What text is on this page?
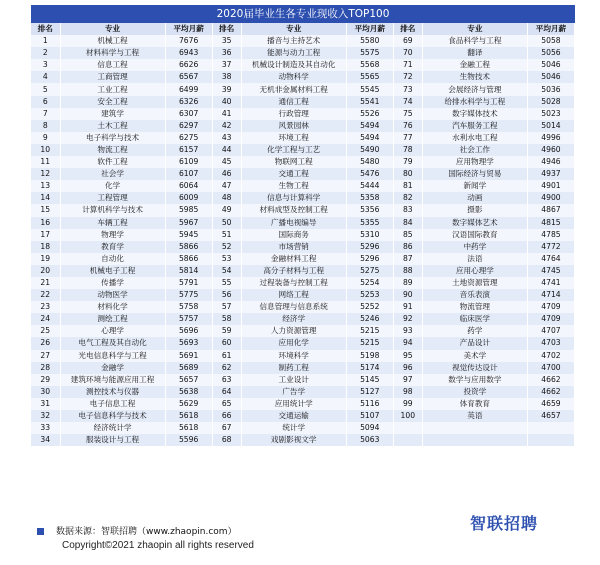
2020届毕业生各专业现收入TOP100
排名	专业	平均月薪	排名	专业	平均月薪	排名	专业	平均月薪
1	机械工程	7676	35	播音与主持艺术	5580	69	食品科学与工程	5058
2	材料科学与工程	6943	36	能源与动力工程	5575	70	翻译	5056
3	信息工程	6626	37	机械设计制造及其自动化	5568	71	金融工程	5046
4	工商管理	6567	38	动物科学	5565	72	生物技术	5046
5	工业工程	6499	39	无机非金属材料工程	5545	73	会展经济与管理	5036
6	安全工程	6326	40	通信工程	5541	74	给排水科学与工程	5028
7	建筑学	6307	41	行政管理	5526	75	数字媒体技术	5023
8	土木工程	6297	42	风景园林	5494	76	汽车服务工程	5014
9	电子科学与技术	6275	43	环境工程	5494	77	水利水电工程	4996
10	物流工程	6157	44	化学工程与工艺	5490	78	社会工作	4960
11	软件工程	6109	45	物联网工程	5480	79	应用物理学	4946
12	社会学	6107	46	交通工程	5476	80	国际经济与贸易	4937
13	化学	6064	47	生物工程	5444	81	新闻学	4901
14	工程管理	6009	48	信息与计算科学	5358	82	动画	4900
15	计算机科学与技术	5985	49	材料成型及控制工程	5356	83	摄影	4867
16	车辆工程	5967	50	广播电视编导	5355	84	数字媒体艺术	4815
17	物理学	5945	51	国际商务	5310	85	汉语国际教育	4785
18	教育学	5866	52	市场营销	5296	86	中药学	4772
19	自动化	5866	53	金融材料工程	5296	87	法语	4764
20	机械电子工程	5814	54	高分子材料与工程	5275	88	应用心理学	4745
21	传播学	5791	55	过程装备与控制工程	5254	89	土地资源管理	4741
22	动物医学	5775	56	网络工程	5253	90	音乐表演	4714
23	材料化学	5758	57	信息管理与信息系统	5252	91	物流管理	4709
24	测绘工程	5757	58	经济学	5246	92	临床医学	4709
25	心理学	5696	59	人力资源管理	5215	93	药学	4707
26	电气工程及其自动化	5693	60	应用化学	5215	94	产品设计	4703
27	光电信息科学与工程	5691	61	环境科学	5198	95	美术学	4702
28	金融学	5689	62	制药工程	5174	96	视觉传达设计	4700
29	建筑环境与能源应用工程	5657	63	工业设计	5145	97	数学与应用数学	4662
30	测控技术与仪器	5638	64	广告学	5127	98	投资学	4662
31	电子信息工程	5629	65	应用统计学	5116	99	体育教育	4659
32	电子信息科学与技术	5618	66	交通运输	5107	100	英语	4657
33	经济统计学	5618	67	统计学	5094			
34	服装设计与工程	5596	68	戏剧影视文学	5063			
数据来源：智联招聘（www.zhaopin.com）
Copyright©2021 zhaopin all rights reserved
智联招聘
